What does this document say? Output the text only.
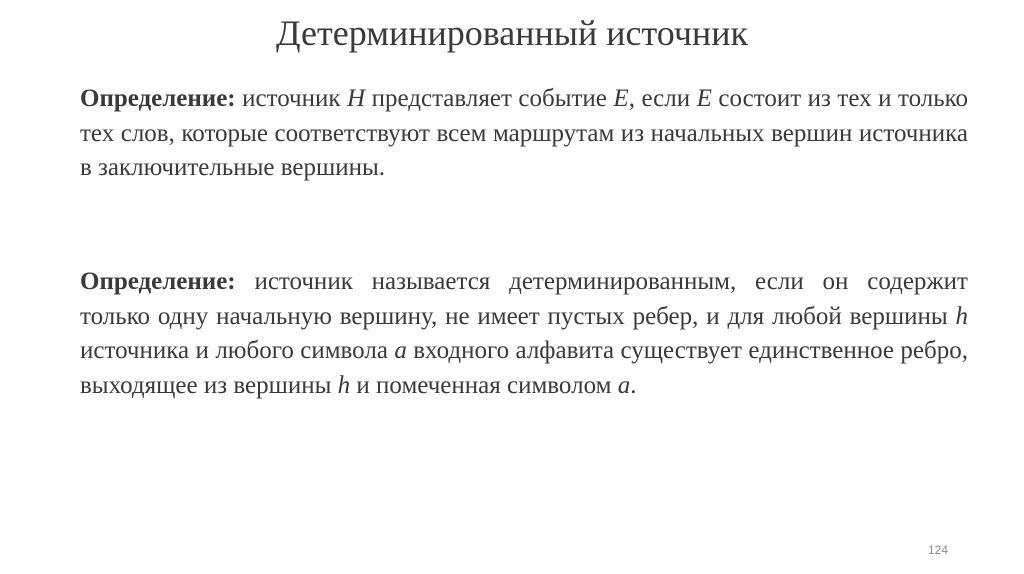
Детерминированный источник

Определение: источник H представляет событие E, если E состоит из тех и только тех слов, которые соответствуют всем маршрутам из начальных вершин источника в заключительные вершины.

Определение: источник называется детерминированным, если он содержит только одну начальную вершину, не имеет пустых ребер, и для любой вершины h источника и любого символа a входного алфавита существует единственное ребро, выходящее из вершины h и помеченная символом a.

124
